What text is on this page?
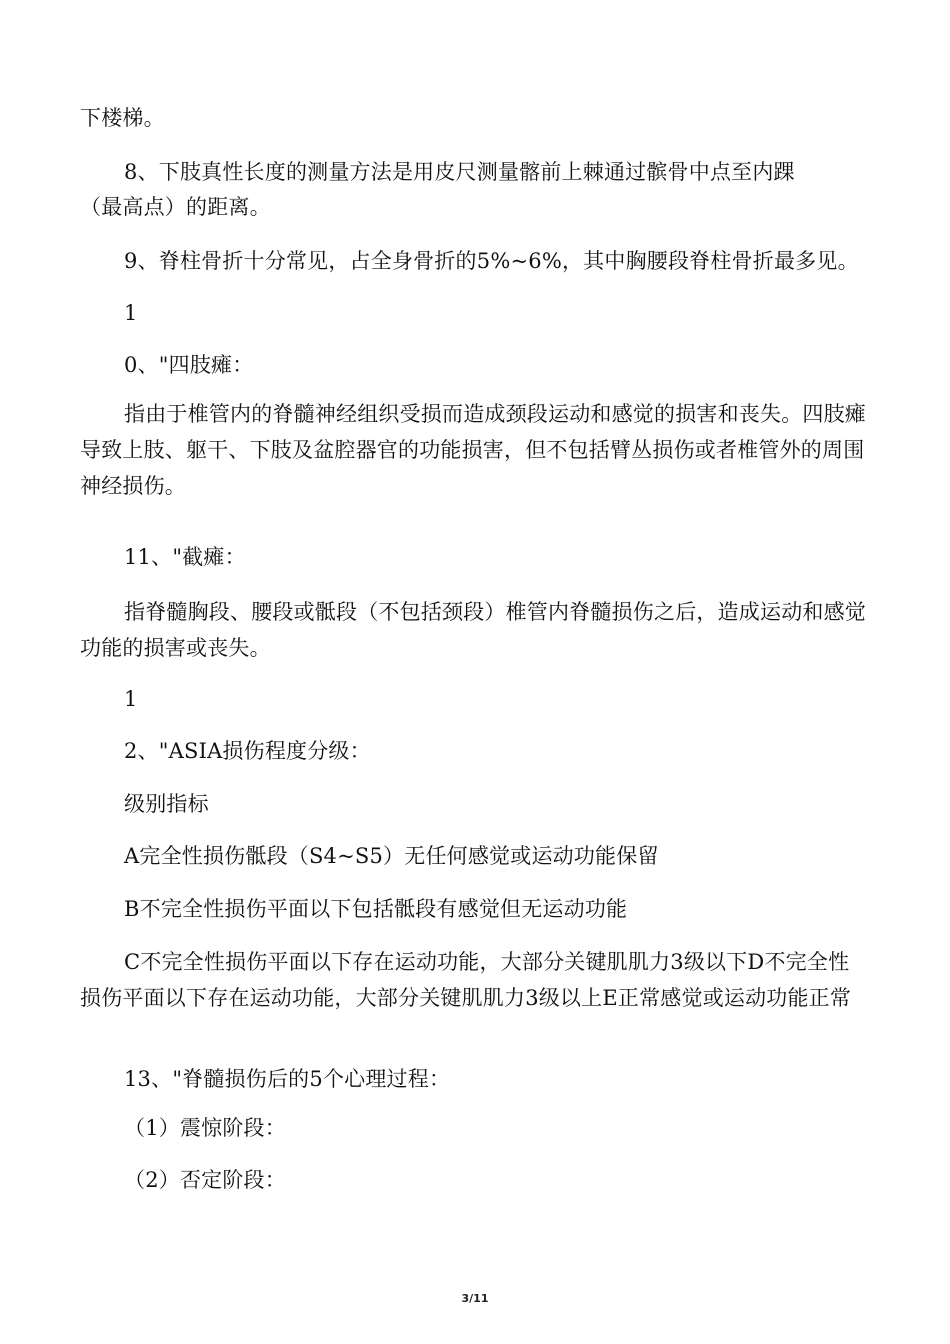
下楼梯。
8、下肢真性长度的测量方法是用皮尺测量髂前上棘通过髌骨中点至内踝
（最高点）的距离。
9、脊柱骨折十分常见，占全身骨折的5%~6%，其中胸腰段脊柱骨折最多见。
1
0、"四肢瘫：
指由于椎管内的脊髓神经组织受损而造成颈段运动和感觉的损害和丧失。四肢瘫导致上肢、躯干、下肢及盆腔器官的功能损害，但不包括臂丛损伤或者椎管外的周围神经损伤。
11、"截瘫：
指脊髓胸段、腰段或骶段（不包括颈段）椎管内脊髓损伤之后，造成运动和感觉功能的损害或丧失。
1
2、"ASIA损伤程度分级：
级别指标
A完全性损伤骶段（S4~S5）无任何感觉或运动功能保留
B不完全性损伤平面以下包括骶段有感觉但无运动功能
C不完全性损伤平面以下存在运动功能，大部分关键肌肌力3级以下D不完全性损伤平面以下存在运动功能，大部分关键肌肌力3级以上E正常感觉或运动功能正常
13、"脊髓损伤后的5个心理过程：
（1）震惊阶段：
（2）否定阶段：
3/11
